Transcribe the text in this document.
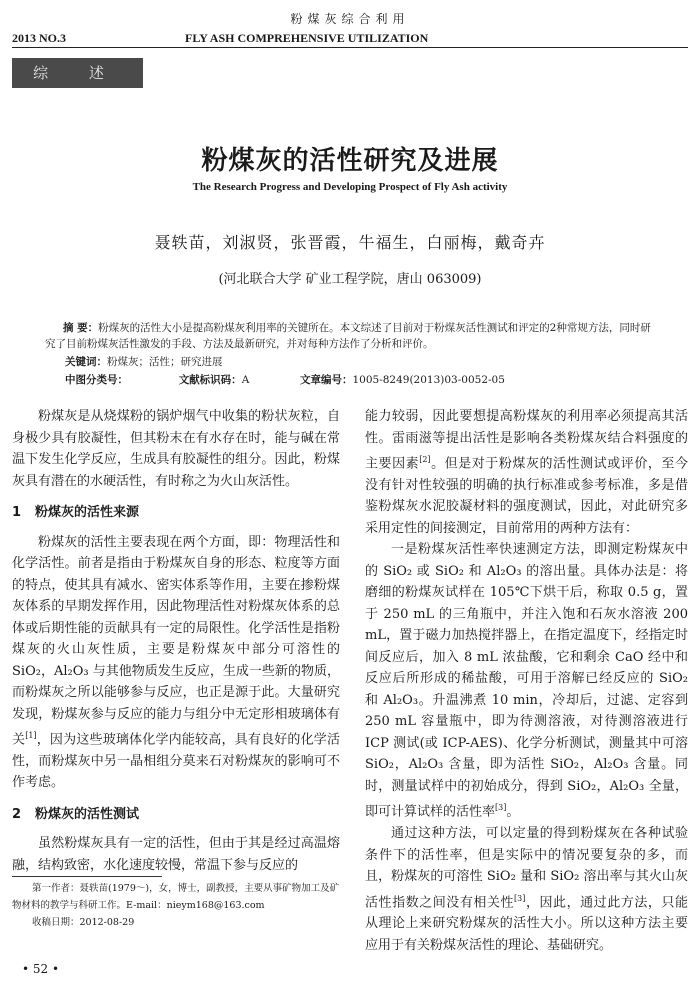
粉煤灰综合利用
2013 NO.3	FLY ASH COMPREHENSIVE UTILIZATION
综 述
粉煤灰的活性研究及进展
The Research Progress and Developing Prospect of Fly Ash activity
聂轶苗，刘淑贤，张晋霞，牛福生，白丽梅，戴奇卉
(河北联合大学 矿业工程学院，唐山 063009)
摘 要：粉煤灰的活性大小是提高粉煤灰利用率的关键所在。本文综述了目前对于粉煤灰活性测试和评定的2种常规方法，同时研究了目前粉煤灰活性激发的手段、方法及最新研究，并对每种方法作了分析和评价。
关键词：粉煤灰；活性；研究进展
中图分类号：	文献标识码：A	文章编号：1005-8249(2013)03-0052-05

粉煤灰是从烧煤粉的锅炉烟气中收集的粉状灰粒，自身极少具有胶凝性，但其粉末在有水存在时，能与碱在常温下发生化学反应，生成具有胶凝性的组分。因此，粉煤灰具有潜在的水硬活性，有时称之为火山灰活性。

1 粉煤灰的活性来源

粉煤灰的活性主要表现在两个方面，即：物理活性和化学活性。前者是指由于粉煤灰自身的形态、粒度等方面的特点，使其具有减水、密实体系等作用，主要在掺粉煤灰体系的早期发挥作用，因此物理活性对粉煤灰体系的总体或后期性能的贡献具有一定的局限性。化学活性是指粉煤灰的火山灰性质，主要是粉煤灰中部分可溶性的 SiO₂，Al₂O₃ 与其他物质发生反应，生成一些新的物质，而粉煤灰之所以能够参与反应，也正是源于此。大量研究发现，粉煤灰参与反应的能力与组分中无定形相玻璃体有关[1]，因为这些玻璃体化学内能较高，具有良好的化学活性，而粉煤灰中另一晶相组分莫来石对粉煤灰的影响可不作考虑。

2 粉煤灰的活性测试

虽然粉煤灰具有一定的活性，但由于其是经过高温熔融，结构致密，水化速度较慢，常温下参与反应的

能力较弱，因此要想提高粉煤灰的利用率必须提高其活性。雷雨滋等提出活性是影响各类粉煤灰结合料强度的主要因素[2]。但是对于粉煤灰的活性测试或评价，至今没有针对性较强的明确的执行标准或参考标准，多是借鉴粉煤灰水泥胶凝材料的强度测试，因此，对此研究多采用定性的间接测定，目前常用的两种方法有：

一是粉煤灰活性率快速测定方法，即测定粉煤灰中的 SiO₂ 或 SiO₂ 和 Al₂O₃ 的溶出量。具体办法是：将磨细的粉煤灰试样在 105℃下烘干后，称取 0.5 g，置于 250 mL 的三角瓶中，并注入饱和石灰水溶液 200 mL，置于磁力加热搅拌器上，在指定温度下，经指定时间反应后，加入 8 mL 浓盐酸，它和剩余 CaO 经中和反应后所形成的稀盐酸，可用于溶解已经反应的 SiO₂ 和 Al₂O₃。升温沸煮 10 min，冷却后，过滤、定容到 250 mL 容量瓶中，即为待测溶液，对待测溶液进行 ICP 测试(或 ICP-AES)、化学分析测试，测量其中可溶 SiO₂，Al₂O₃ 含量，即为活性 SiO₂，Al₂O₃ 含量。同时，测量试样中的初始成分，得到 SiO₂，Al₂O₃ 全量，即可计算试样的活性率[3]。

通过这种方法，可以定量的得到粉煤灰在各种试验条件下的活性率，但是实际中的情况要复杂的多，而且，粉煤灰的可溶性 SiO₂ 量和 SiO₂ 溶出率与其火山灰活性指数之间没有相关性[3]，因此，通过此方法，只能从理论上来研究粉煤灰的活性大小。所以这种方法主要应用于有关粉煤灰活性的理论、基础研究。

第一作者：聂轶苗(1979～)，女，博士，副教授，主要从事矿物加工及矿物材料的教学与科研工作。E-mail：nieym168@163.com

收稿日期：2012-08-29

• 52 •
